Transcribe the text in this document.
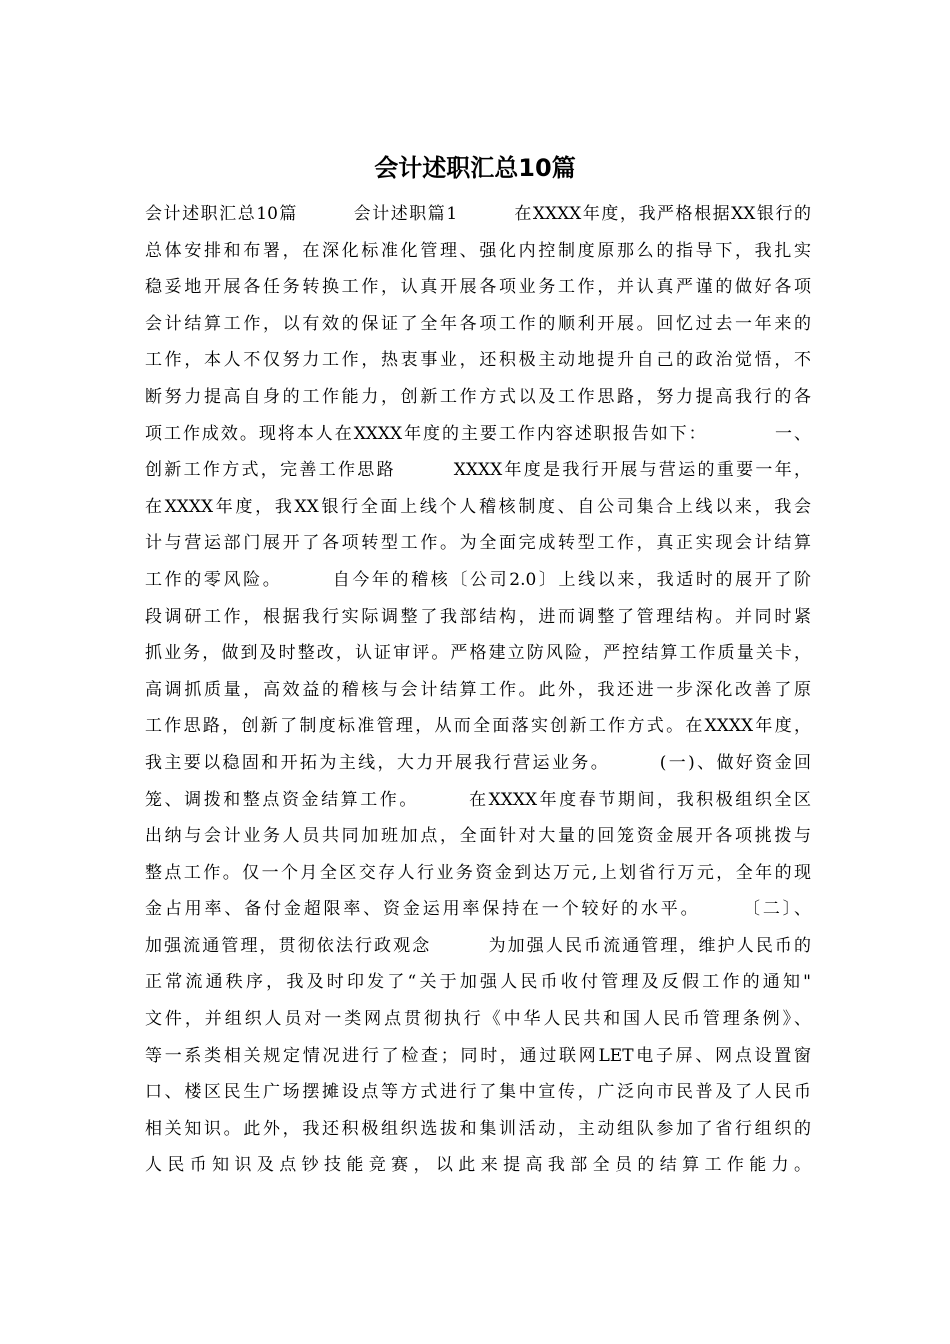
会计述职汇总10篇
会计述职汇总10篇　　　会计述职篇1　　　在XXXX年度，我严格根据XX银行的
总体安排和布署，在深化标准化管理、强化内控制度原那么的指导下，我扎实
稳妥地开展各任务转换工作，认真开展各项业务工作，并认真严谨的做好各项
会计结算工作，以有效的保证了全年各项工作的顺利开展。回忆过去一年来的
工作，本人不仅努力工作，热衷事业，还积极主动地提升自己的政治觉悟，不
断努力提高自身的工作能力，创新工作方式以及工作思路，努力提高我行的各
项工作成效。现将本人在XXXX年度的主要工作内容述职报告如下：　　　　一、
创新工作方式，完善工作思路　　　XXXX年度是我行开展与营运的重要一年，
在XXXX年度，我XX银行全面上线个人稽核制度、自公司集合上线以来，我会
计与营运部门展开了各项转型工作。为全面完成转型工作，真正实现会计结算
工作的零风险。　　　自今年的稽核〔公司2.0〕上线以来，我适时的展开了阶
段调研工作，根据我行实际调整了我部结构，进而调整了管理结构。并同时紧
抓业务，做到及时整改，认证审评。严格建立防风险，严控结算工作质量关卡，
高调抓质量，高效益的稽核与会计结算工作。此外，我还进一步深化改善了原
工作思路，创新了制度标准管理，从而全面落实创新工作方式。在XXXX年度，
我主要以稳固和开拓为主线，大力开展我行营运业务。　　　(一)、做好资金回
笼、调拨和整点资金结算工作。　　　在XXXX年度春节期间，我积极组织全区
出纳与会计业务人员共同加班加点，全面针对大量的回笼资金展开各项挑拨与
整点工作。仅一个月全区交存人行业务资金到达万元,上划省行万元，全年的现
金占用率、备付金超限率、资金运用率保持在一个较好的水平。　　　〔二〕、
加强流通管理，贯彻依法行政观念　　　为加强人民币流通管理，维护人民币的
正常流通秩序，我及时印发了“关于加强人民币收付管理及反假工作的通知"
文件，并组织人员对一类网点贯彻执行《中华人民共和国人民币管理条例》、
等一系类相关规定情况进行了检查；同时，通过联网LET电子屏、网点设置窗
口、楼区民生广场摆摊设点等方式进行了集中宣传，广泛向市民普及了人民币
相关知识。此外，我还积极组织选拔和集训活动，主动组队参加了省行组织的
人民币知识及点钞技能竞赛，以此来提高我部全员的结算工作能力。
